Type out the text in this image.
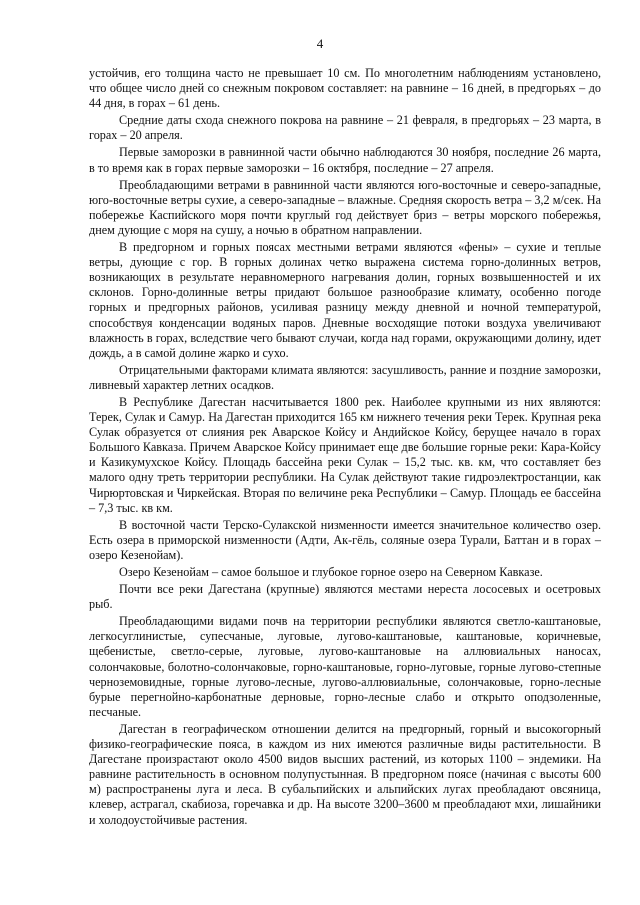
4

устойчив, его толщина часто не превышает 10 см. По многолетним наблюдениям установлено, что общее число дней со снежным покровом составляет: на равнине – 16 дней, в предгорьях – до 44 дня, в горах – 61 день.

Средние даты схода снежного покрова на равнине – 21 февраля, в предгорьях – 23 марта, в горах – 20 апреля.

Первые заморозки в равнинной части обычно наблюдаются 30 ноября, последние 26 марта, в то время как в горах первые заморозки – 16 октября, последние – 27 апреля.

Преобладающими ветрами в равнинной части являются юго-восточные и северо-западные, юго-восточные ветры сухие, а северо-западные – влажные. Средняя скорость ветра – 3,2 м/сек. На побережье Каспийского моря почти круглый год действует бриз – ветры морского побережья, днем дующие с моря на сушу, а ночью в обратном направлении.

В предгорном и горных поясах местными ветрами являются «фены» – сухие и теплые ветры, дующие с гор. В горных долинах четко выражена система горно-долинных ветров, возникающих в результате неравномерного нагревания долин, горных возвышенностей и их склонов. Горно-долинные ветры придают большое разнообразие климату, особенно погоде горных и предгорных районов, усиливая разницу между дневной и ночной температурой, способствуя конденсации водяных паров. Дневные восходящие потоки воздуха увеличивают влажность в горах, вследствие чего бывают случаи, когда над горами, окружающими долину, идет дождь, а в самой долине жарко и сухо.

Отрицательными факторами климата являются: засушливость, ранние и поздние заморозки, ливневый характер летних осадков.

В Республике Дагестан насчитывается 1800 рек. Наиболее крупными из них являются: Терек, Сулак и Самур. На Дагестан приходится 165 км нижнего течения реки Терек. Крупная река Сулак образуется от слияния рек Аварское Койсу и Андийское Койсу, берущее начало в горах Большого Кавказа. Причем Аварское Койсу принимает еще две большие горные реки: Кара-Койсу и Казикумухское Койсу. Площадь бассейна реки Сулак – 15,2 тыс. кв. км, что составляет без малого одну треть территории республики. На Сулак действуют такие гидроэлектростанции, как Чирюртовская и Чиркейская. Вторая по величине река Республики – Самур. Площадь ее бассейна – 7,3 тыс. кв км.

В восточной части Терско-Сулакской низменности имеется значительное количество озер. Есть озера в приморской низменности (Адти, Ак-гёль, соляные озера Турали, Баттан и в горах – озеро Кезенойам).

Озеро Кезенойам – самое большое и глубокое горное озеро на Северном Кавказе.

Почти все реки Дагестана (крупные) являются местами нереста лососевых и осетровых рыб.

Преобладающими видами почв на территории республики являются светло-каштановые, легкосуглинистые, супесчаные, луговые, лугово-каштановые, каштановые, коричневые, щебенистые, светло-серые, луговые, лугово-каштановые на аллювиальных наносах, солончаковые, болотно-солончаковые, горно-каштановые, горно-луговые, горные лугово-степные черноземовидные, горные лугово-лесные, лугово-аллювиальные, солончаковые, горно-лесные бурые перегнойно-карбонатные дерновые, горно-лесные слабо и открыто оподзоленные, песчаные.

Дагестан в географическом отношении делится на предгорный, горный и высокогорный физико-географические пояса, в каждом из них имеются различные виды растительности. В Дагестане произрастают около 4500 видов высших растений, из которых 1100 – эндемики. На равнине растительность в основном полупустынная. В предгорном поясе (начиная с высоты 600 м) распространены луга и леса. В субальпийских и альпийских лугах преобладают овсяница, клевер, астрагал, скабиоза, горечавка и др. На высоте 3200–3600 м преобладают мхи, лишайники и холодоустойчивые растения.
